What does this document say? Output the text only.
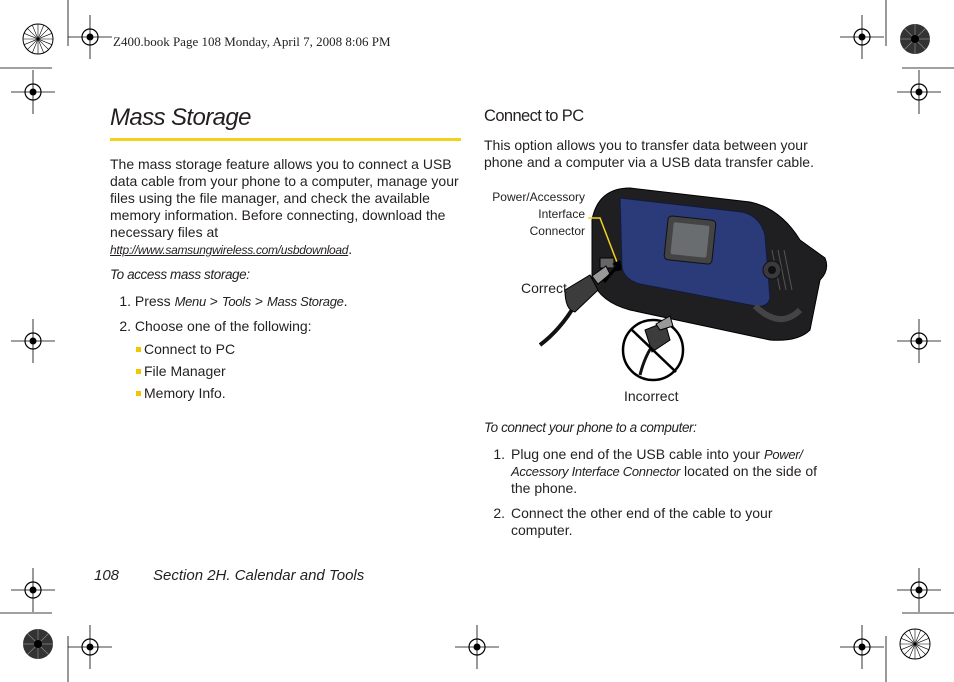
Z400.book Page 108 Monday, April 7, 2008 8:06 PM
Mass Storage
The mass storage feature allows you to connect a USB data cable from your phone to a computer, manage your files using the file manager, and check the available memory information. Before connecting, download the necessary files at http://www.samsungwireless.com/usbdownload.
To access mass storage:
1. Press Menu > Tools > Mass Storage.
2. Choose one of the following:
Connect to PC
File Manager
Memory Info.
Connect to PC
This option allows you to transfer data between your phone and a computer via a USB data transfer cable.
Power/Accessory
Interface
Connector
Correct
Incorrect
To connect your phone to a computer:
1. Plug one end of the USB cable into your Power/ Accessory Interface Connector located on the side of the phone.
2. Connect the other end of the cable to your computer.
108 Section 2H. Calendar and Tools
